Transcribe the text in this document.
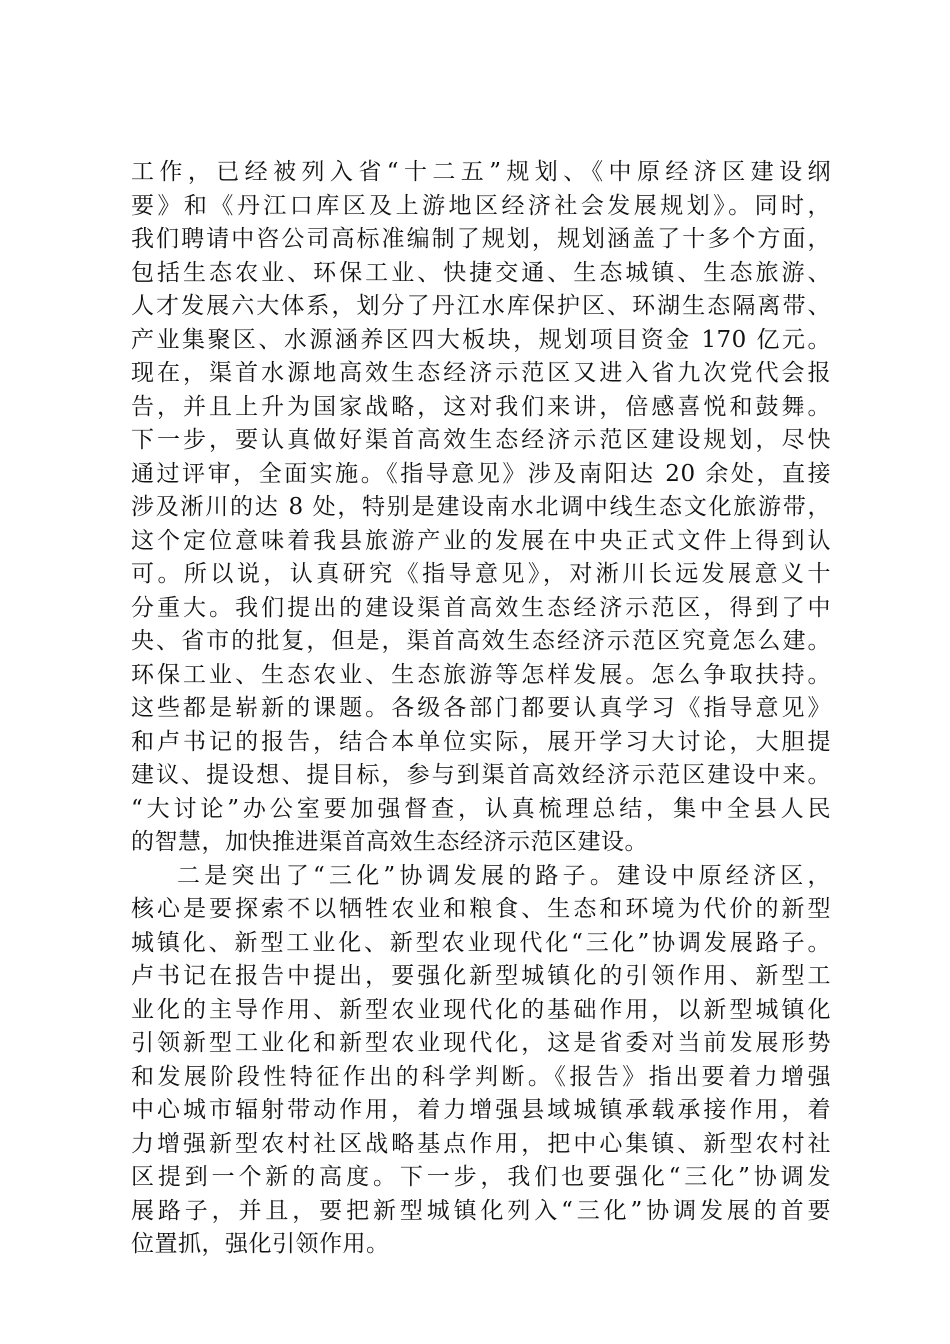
工作，已经被列入省“十二五”规划、《中原经济区建设纲
要》和《丹江口库区及上游地区经济社会发展规划》。同时，
我们聘请中咨公司高标准编制了规划，规划涵盖了十多个方面，
包括生态农业、环保工业、快捷交通、生态城镇、生态旅游、
人才发展六大体系，划分了丹江水库保护区、环湖生态隔离带、
产业集聚区、水源涵养区四大板块，规划项目资金 170 亿元。
现在，渠首水源地高效生态经济示范区又进入省九次党代会报
告，并且上升为国家战略，这对我们来讲，倍感喜悦和鼓舞。
下一步，要认真做好渠首高效生态经济示范区建设规划，尽快
通过评审，全面实施。《指导意见》涉及南阳达 20 余处，直接
涉及淅川的达 8 处，特别是建设南水北调中线生态文化旅游带，
这个定位意味着我县旅游产业的发展在中央正式文件上得到认
可。所以说，认真研究《指导意见》，对淅川长远发展意义十
分重大。我们提出的建设渠首高效生态经济示范区，得到了中
央、省市的批复，但是，渠首高效生态经济示范区究竟怎么建。
环保工业、生态农业、生态旅游等怎样发展。怎么争取扶持。
这些都是崭新的课题。各级各部门都要认真学习《指导意见》
和卢书记的报告，结合本单位实际，展开学习大讨论，大胆提
建议、提设想、提目标，参与到渠首高效经济示范区建设中来。
“大讨论”办公室要加强督查，认真梳理总结，集中全县人民
的智慧，加快推进渠首高效生态经济示范区建设。
二是突出了“三化”协调发展的路子。建设中原经济区，
核心是要探索不以牺牲农业和粮食、生态和环境为代价的新型
城镇化、新型工业化、新型农业现代化“三化”协调发展路子。
卢书记在报告中提出，要强化新型城镇化的引领作用、新型工
业化的主导作用、新型农业现代化的基础作用，以新型城镇化
引领新型工业化和新型农业现代化，这是省委对当前发展形势
和发展阶段性特征作出的科学判断。《报告》指出要着力增强
中心城市辐射带动作用，着力增强县域城镇承载承接作用，着
力增强新型农村社区战略基点作用，把中心集镇、新型农村社
区提到一个新的高度。下一步，我们也要强化“三化”协调发
展路子，并且，要把新型城镇化列入“三化”协调发展的首要
位置抓，强化引领作用。
